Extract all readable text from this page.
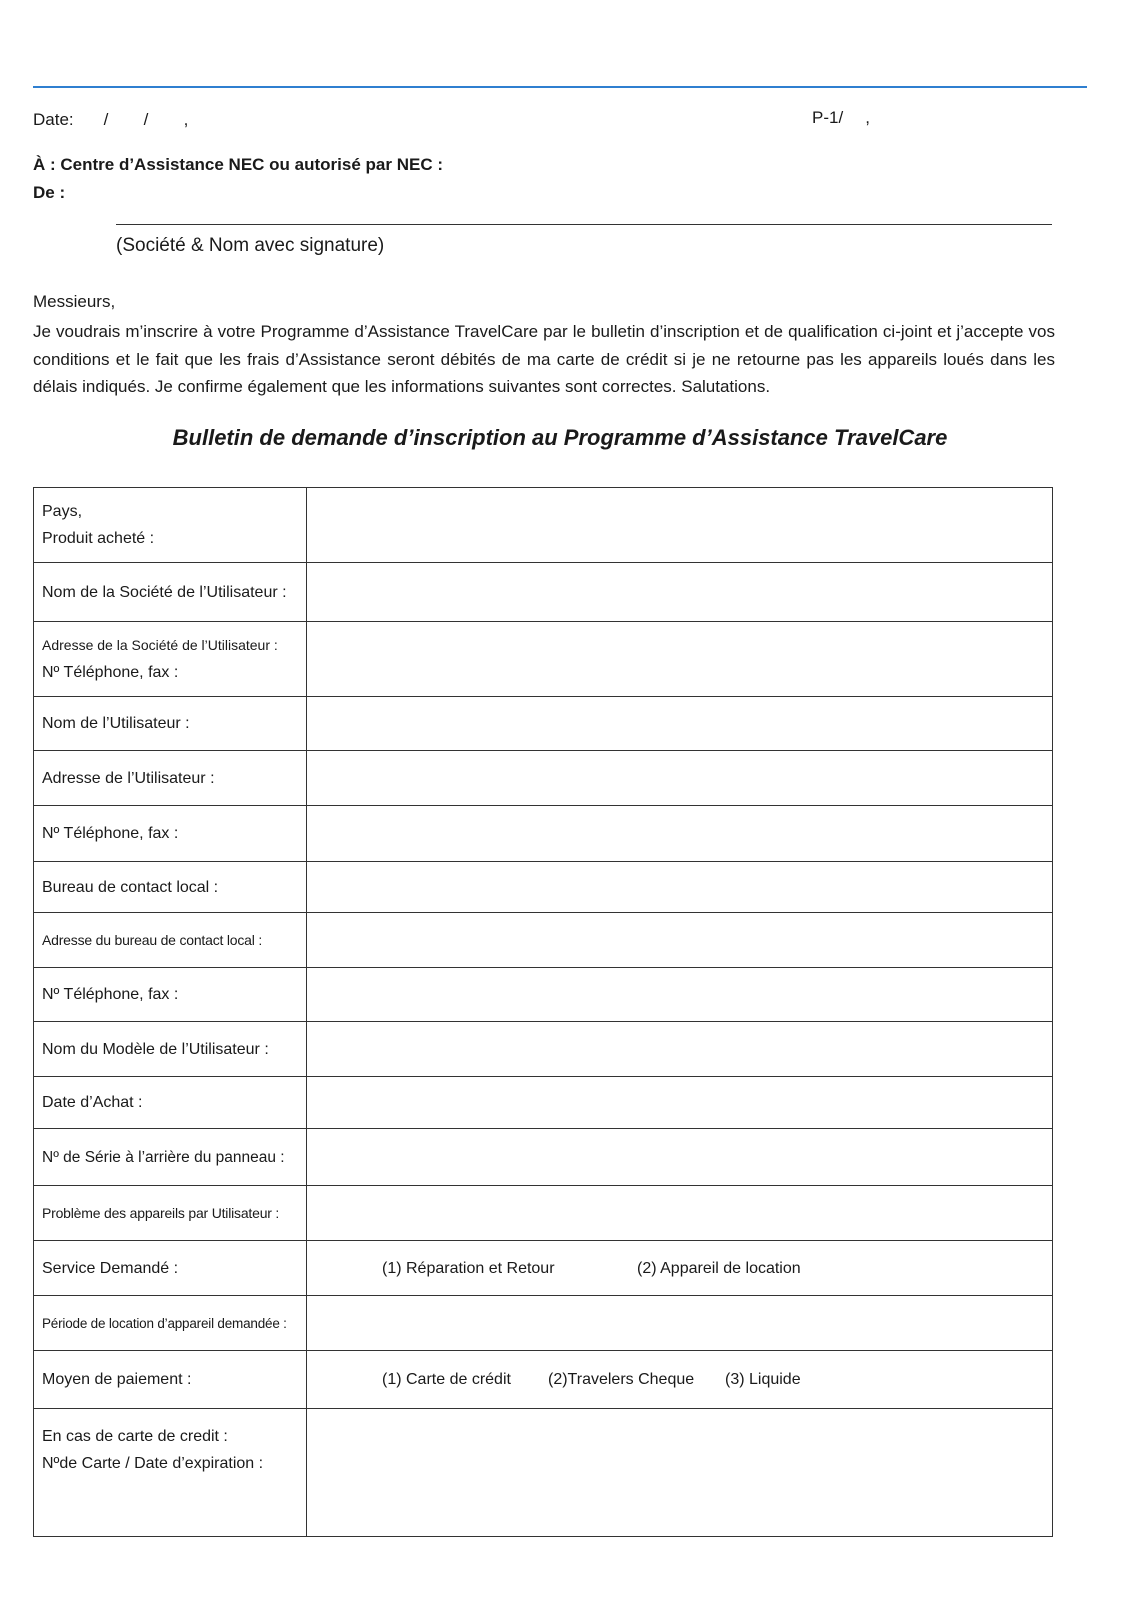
Date: /	/	,	P-1/ ,
À : Centre d’Assistance NEC ou autorisé par NEC :
De :
(Société & Nom avec signature)
Messieurs,
Je voudrais m’inscrire à votre Programme d’Assistance TravelCare par le bulletin d’inscription et de qualification ci-joint et j’accepte vos conditions et le fait que les frais d’Assistance seront débités de ma carte de crédit si je ne retourne pas les appareils loués dans les délais indiqués. Je confirme également que les informations suivantes sont correctes. Salutations.
Bulletin de demande d’inscription au Programme d’Assistance TravelCare
Pays,
Produit acheté :	

Nom de la Société de l’Utilisateur :	

Adresse de la Société de l’Utilisateur :
Nº Téléphone, fax :	

Nom de l’Utilisateur :	
Adresse de l’Utilisateur :	
Nº Téléphone, fax :	
Bureau de contact local :	
Adresse du bureau de contact local :	
Nº Téléphone, fax :	
Nom du Modèle de l’Utilisateur :	
Date d’Achat :	
Nº de Série à l’arrière du panneau :	
Problème des appareils par Utilisateur :	
Service Demandé :	(1) Réparation et Retour (2) Appareil de location

Période de location d’appareil demandée :	
Moyen de paiement :	(1) Carte de crédit (2)Travelers Cheque (3) Liquide

En cas de carte de credit :
Nºde Carte / Date d’expiration :	
